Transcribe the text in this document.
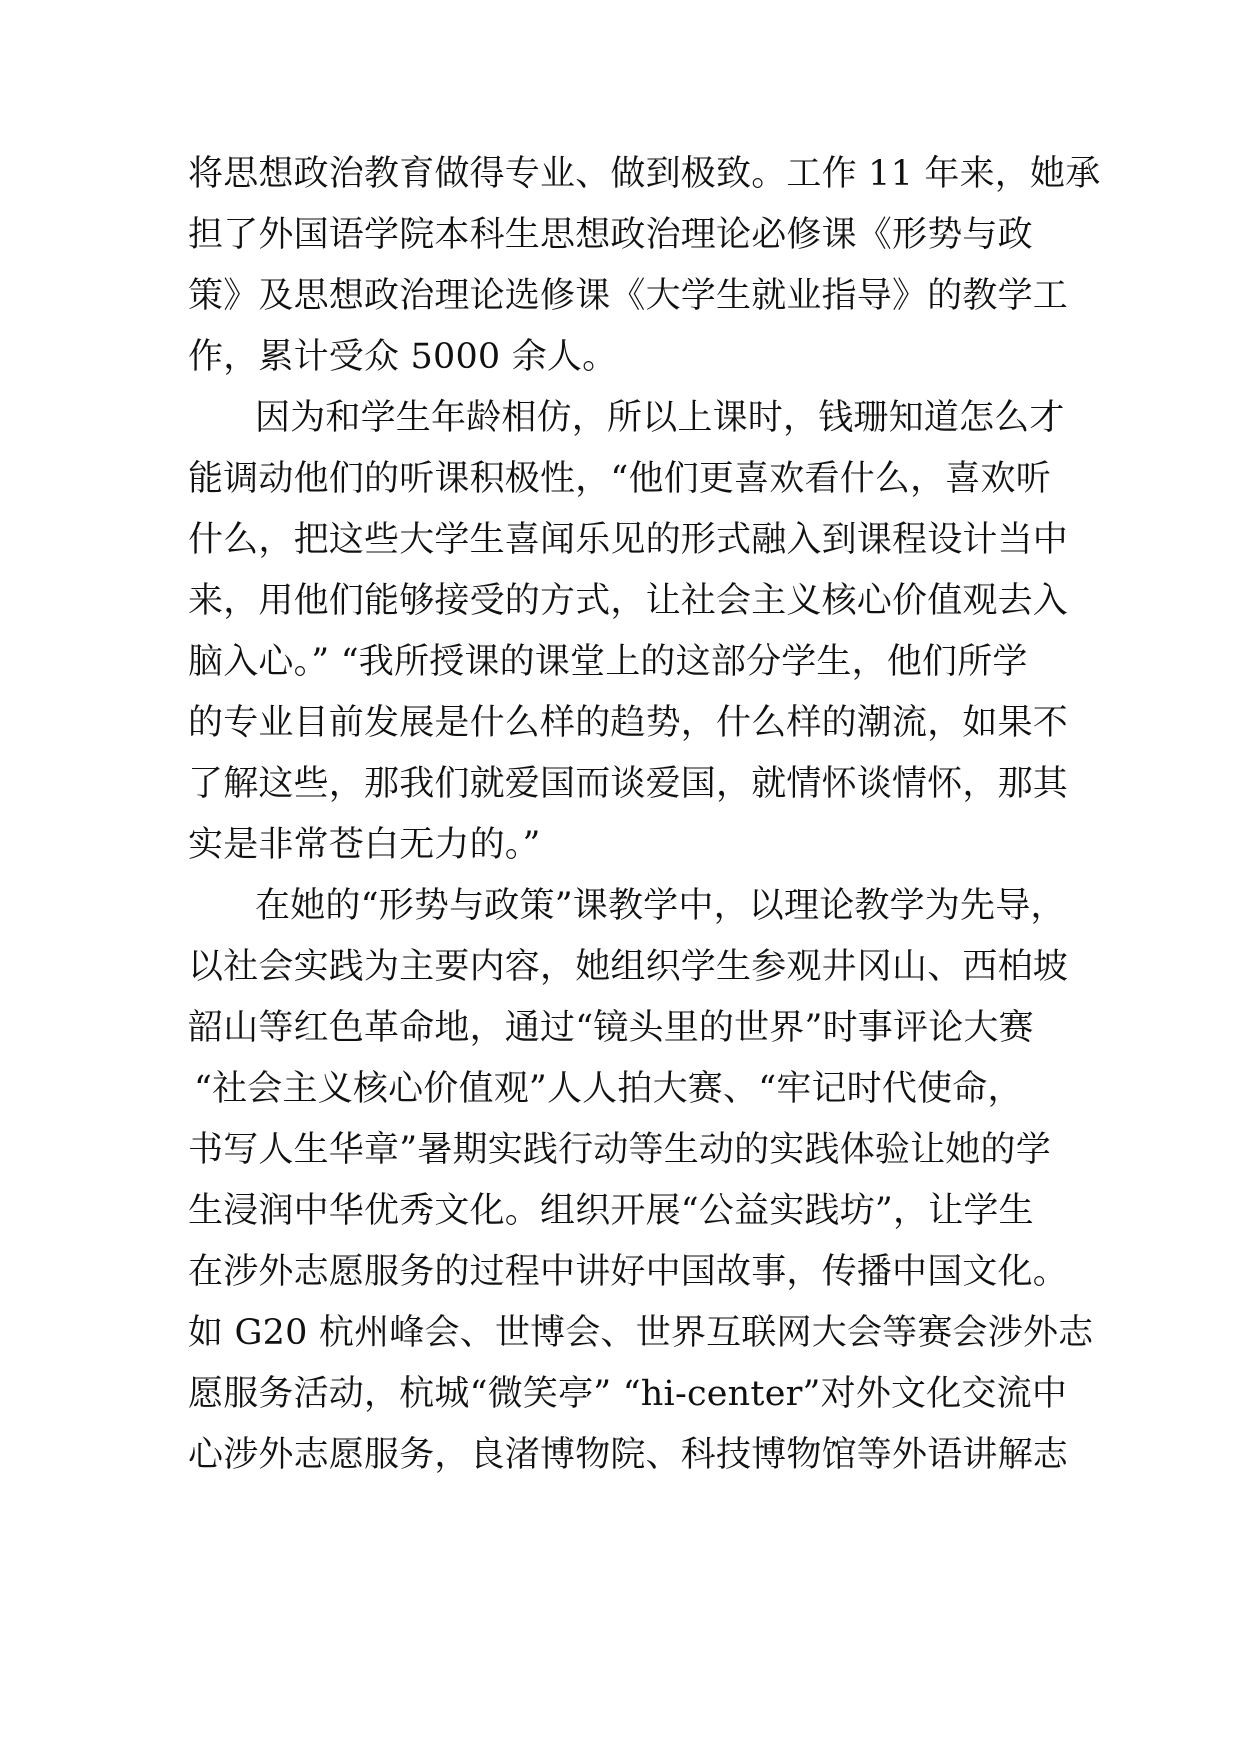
将思想政治教育做得专业、做到极致。工作 11 年来，她承
担了外国语学院本科生思想政治理论必修课《形势与政
策》及思想政治理论选修课《大学生就业指导》的教学工
作，累计受众 5000 余人。
因为和学生年龄相仿，所以上课时，钱珊知道怎么才
能调动他们的听课积极性，“他们更喜欢看什么，喜欢听
什么，把这些大学生喜闻乐见的形式融入到课程设计当中
来，用他们能够接受的方式，让社会主义核心价值观去入
脑入心。” “我所授课的课堂上的这部分学生，他们所学
的专业目前发展是什么样的趋势，什么样的潮流，如果不
了解这些，那我们就爱国而谈爱国，就情怀谈情怀，那其
实是非常苍白无力的。”
在她的“形势与政策”课教学中，以理论教学为先导，
以社会实践为主要内容，她组织学生参观井冈山、西柏坡
韶山等红色革命地，通过“镜头里的世界”时事评论大赛
“社会主义核心价值观”人人拍大赛、“牢记时代使命，
书写人生华章”暑期实践行动等生动的实践体验让她的学
生浸润中华优秀文化。组织开展“公益实践坊”，让学生
在涉外志愿服务的过程中讲好中国故事，传播中国文化。
如 G20 杭州峰会、世博会、世界互联网大会等赛会涉外志
愿服务活动，杭城“微笑亭” “hi-center”对外文化交流中
心涉外志愿服务，良渚博物院、科技博物馆等外语讲解志
